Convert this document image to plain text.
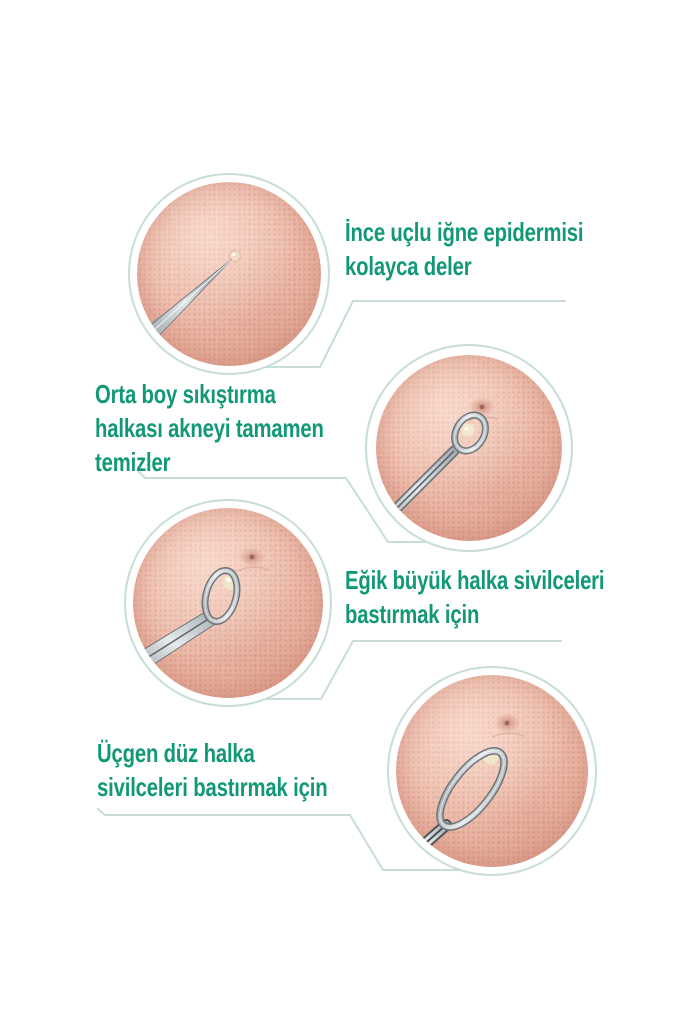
İnce uçlu iğne epidermisi
kolayca deler
Orta boy sıkıştırma
halkası akneyi tamamen
temizler
Eğik büyük halka sivilceleri
bastırmak için
Üçgen düz halka
sivilceleri bastırmak için
